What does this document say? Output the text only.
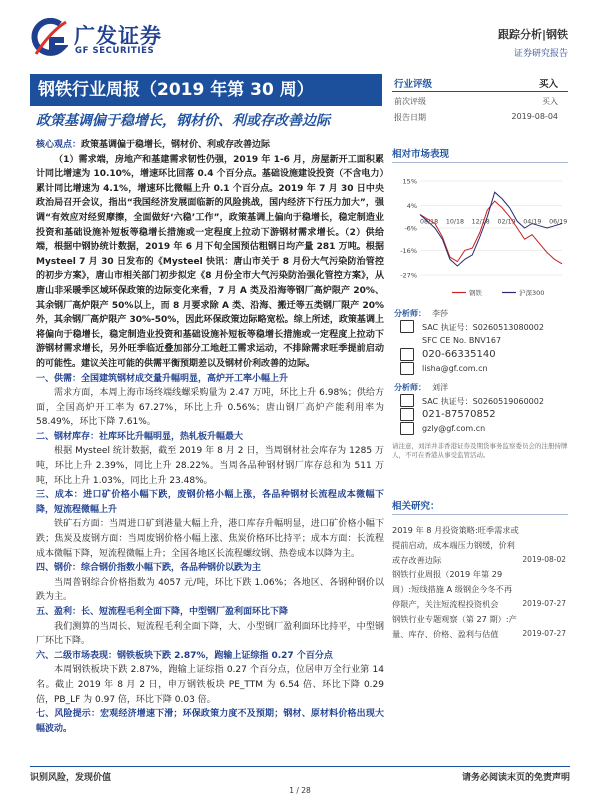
广发证券
GF SECURITIES
跟踪分析|钢铁
证券研究报告
钢铁行业周报（2019 年第 30 周）
政策基调偏于稳增长，钢材价、利或存改善边际

核心观点：政策基调偏于稳增长，钢材价、利或存改善边际

（1）需求端，房地产和基建需求韧性仍强，2019 年 1-6 月，房屋新开工面积累计同比增速为 10.10%，增速环比回落 0.4 个百分点。基础设施建设投资（不含电力）累计同比增速为 4.1%，增速环比微幅上升 0.1 个百分点。2019 年 7 月 30 日中央政治局召开会议，指出“我国经济发展面临新的风险挑战，国内经济下行压力加大”，强调“有效应对经贸摩擦，全面做好‘六稳’工作”，政策基调上偏向于稳增长，稳定制造业投资和基础设施补短板等稳增长措施或一定程度上拉动下游钢材需求增长。（2）供给端，根据中钢协统计数据，2019 年 6 月下旬全国预估粗钢日均产量 281 万吨。根据 Mysteel 7 月 30 日发布的《Mysteel 快讯：唐山市关于 8 月份大气污染防治管控的初步方案》，唐山市相关部门初步拟定《8 月份全市大气污染防治强化管控方案》，从唐山非采暖季区域环保政策的边际变化来看，7 月 A 类及沿海等钢厂高炉限产 20%、其余钢厂高炉限产 50%以上，而 8 月要求除 A 类、沿海、搬迁等五类钢厂限产 20%外，其余钢厂高炉限产 30%-50%，因此环保政策边际略宽松。综上所述，政策基调上将偏向于稳增长，稳定制造业投资和基础设施补短板等稳增长措施或一定程度上拉动下游钢材需求增长，另外旺季临近叠加部分工地赶工需求运动，不排除需求旺季提前启动的可能性。建议关注可能的供需平衡预期差以及钢材价利改善的边际。

一、供需：全国建筑钢材成交量升幅明显，高炉开工率小幅上升

需求方面，本周上海市场终端线螺采购量为 2.47 万吨，环比上升 6.98%；供给方面，全国高炉开工率为 67.27%，环比上升 0.56%；唐山钢厂高炉产能利用率为 58.49%，环比下降 7.61%。

二、钢材库存：社库环比升幅明显，热轧板升幅最大

根据 Mysteel 统计数据，截至 2019 年 8 月 2 日，当周钢材社会库存为 1285 万吨，环比上升 2.39%，同比上升 28.22%。当周各品种钢材钢厂库存总和为 511 万吨，环比上升 1.03%，同比上升 23.48%。

三、成本：进口矿价格小幅下跌，废钢价格小幅上涨，各品种钢材长流程成本微幅下降，短流程微幅上升

铁矿石方面：当周进口矿到港量大幅上升，港口库存升幅明显，进口矿价格小幅下跌；焦炭及废钢方面：当周废钢价格小幅上涨、焦炭价格环比持平；成本方面：长流程成本微幅下降，短流程微幅上升；全国各地区长流程螺纹钢、热卷成本以降为主。

四、钢价：综合钢价指数小幅下跌，各品种钢价以跌为主

当周普钢综合价格指数为 4057 元/吨，环比下跌 1.06%；各地区、各钢种钢价以跌为主。

五、盈利：长、短流程毛利全面下降，中型钢厂盈利面环比下降

我们测算的当周长、短流程毛利全面下降，大、小型钢厂盈利面环比持平，中型钢厂环比下降。

六、二级市场表现：钢铁板块下跌 2.87%，跑输上证综指 0.27 个百分点

本周钢铁板块下跌 2.87%，跑输上证综指 0.27 个百分点，位居申万全行业第 14 名。截止 2019 年 8 月 2 日，申万钢铁板块 PE_TTM 为 6.54 倍、环比下降 0.29 倍，PB_LF 为 0.97 倍，环比下降 0.03 倍。

七、风险提示：宏观经济增速下滑；环保政策力度不及预期；钢材、原材料价格出现大幅波动。

行业评级	买入
前次评级	买入
报告日期	2019-08-04
相对市场表现
15%
4%
-6%
-16%
-27%
08/18 10/18 12/18 02/19 04/19 06/19
钢铁	沪深300
分析师： 李莎
SAC 执证号：S0260513080002
SFC CE No. BNV167
020-66335140
lisha@gf.com.cn
分析师： 刘洋
SAC 执证号：S0260519060002
021-87570852
gzly@gf.com.cn
请注意，刘洋并非香港证券及期货事务监察委员会的注册持牌人，不可在香港从事受监管活动。
相关研究：
2019 年 8 月投资策略:旺季需求或提前启动，成本端压力钢缓，价利或存改善边际	2019-08-02
钢铁行业周报（2019 年第 29 周）:短线措施 A 级钢企今冬不再停限产，关注短流程投资机会	2019-07-27
钢铁行业专题观察（第 27 期）:产量、库存、价格、盈利与估值	2019-07-27
识别风险，发现价值	请务必阅读末页的免责声明
1 / 28
